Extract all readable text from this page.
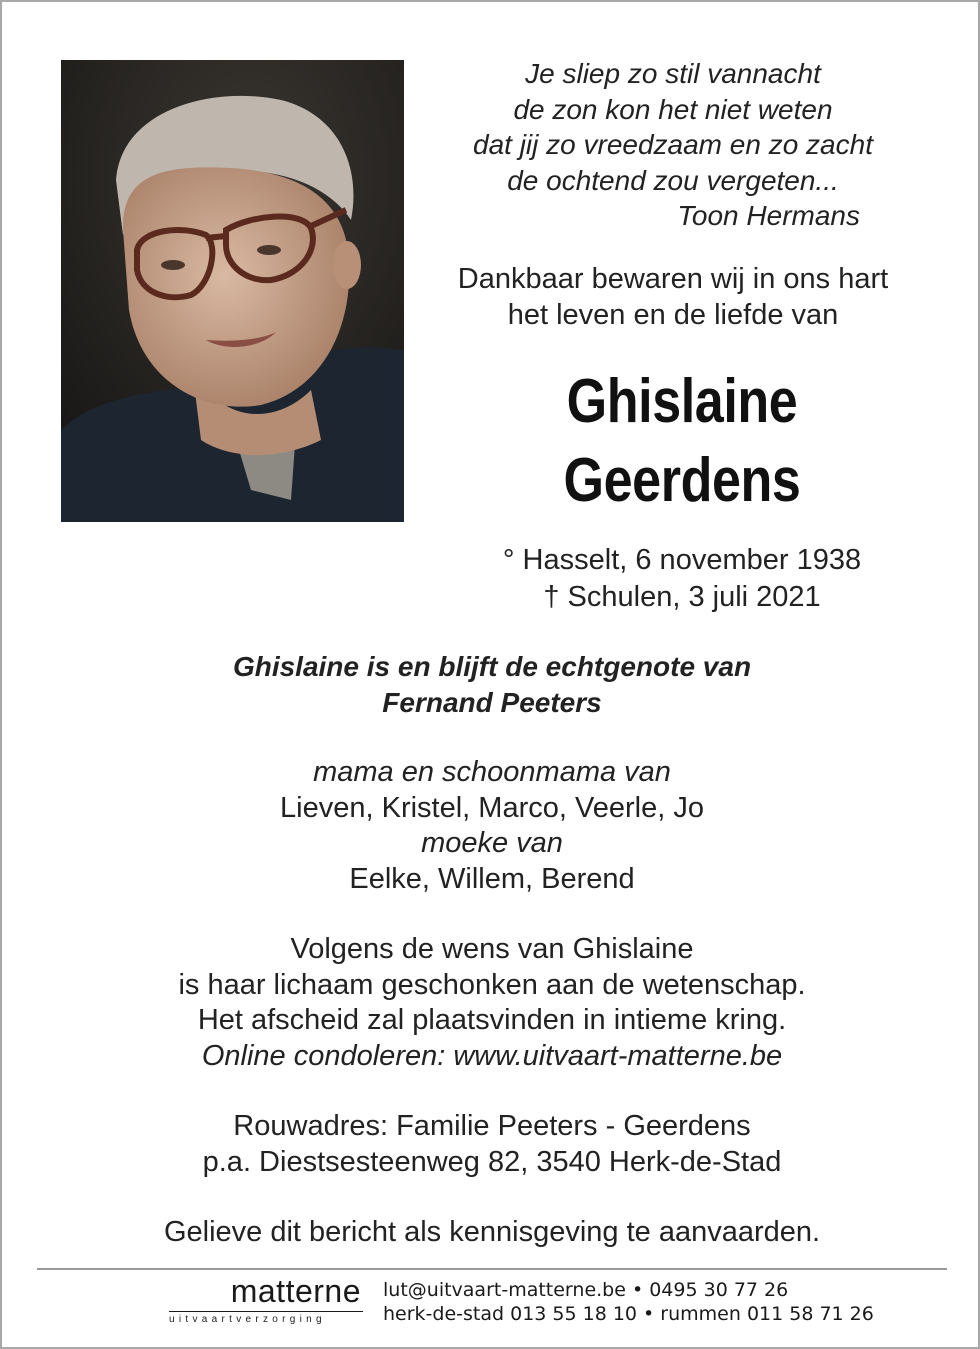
Je sliep zo stil vannacht
de zon kon het niet weten
dat jij zo vreedzaam en zo zacht
de ochtend zou vergeten...
Toon Hermans
Dankbaar bewaren wij in ons hart
het leven en de liefde van
Ghislaine
Geerdens
° Hasselt, 6 november 1938
† Schulen, 3 juli 2021
Ghislaine is en blijft de echtgenote van
Fernand Peeters
mama en schoonmama van
Lieven, Kristel, Marco, Veerle, Jo
moeke van
Eelke, Willem, Berend
Volgens de wens van Ghislaine
is haar lichaam geschonken aan de wetenschap.
Het afscheid zal plaatsvinden in intieme kring.
Online condoleren: www.uitvaart-matterne.be
Rouwadres: Familie Peeters - Geerdens
p.a. Diestsesteenweg 82, 3540 Herk-de-Stad
Gelieve dit bericht als kennisgeving te aanvaarden.
matterne
uitvaartverzorging
lut@uitvaart-matterne.be • 0495 30 77 26
herk-de-stad 013 55 18 10 • rummen 011 58 71 26
